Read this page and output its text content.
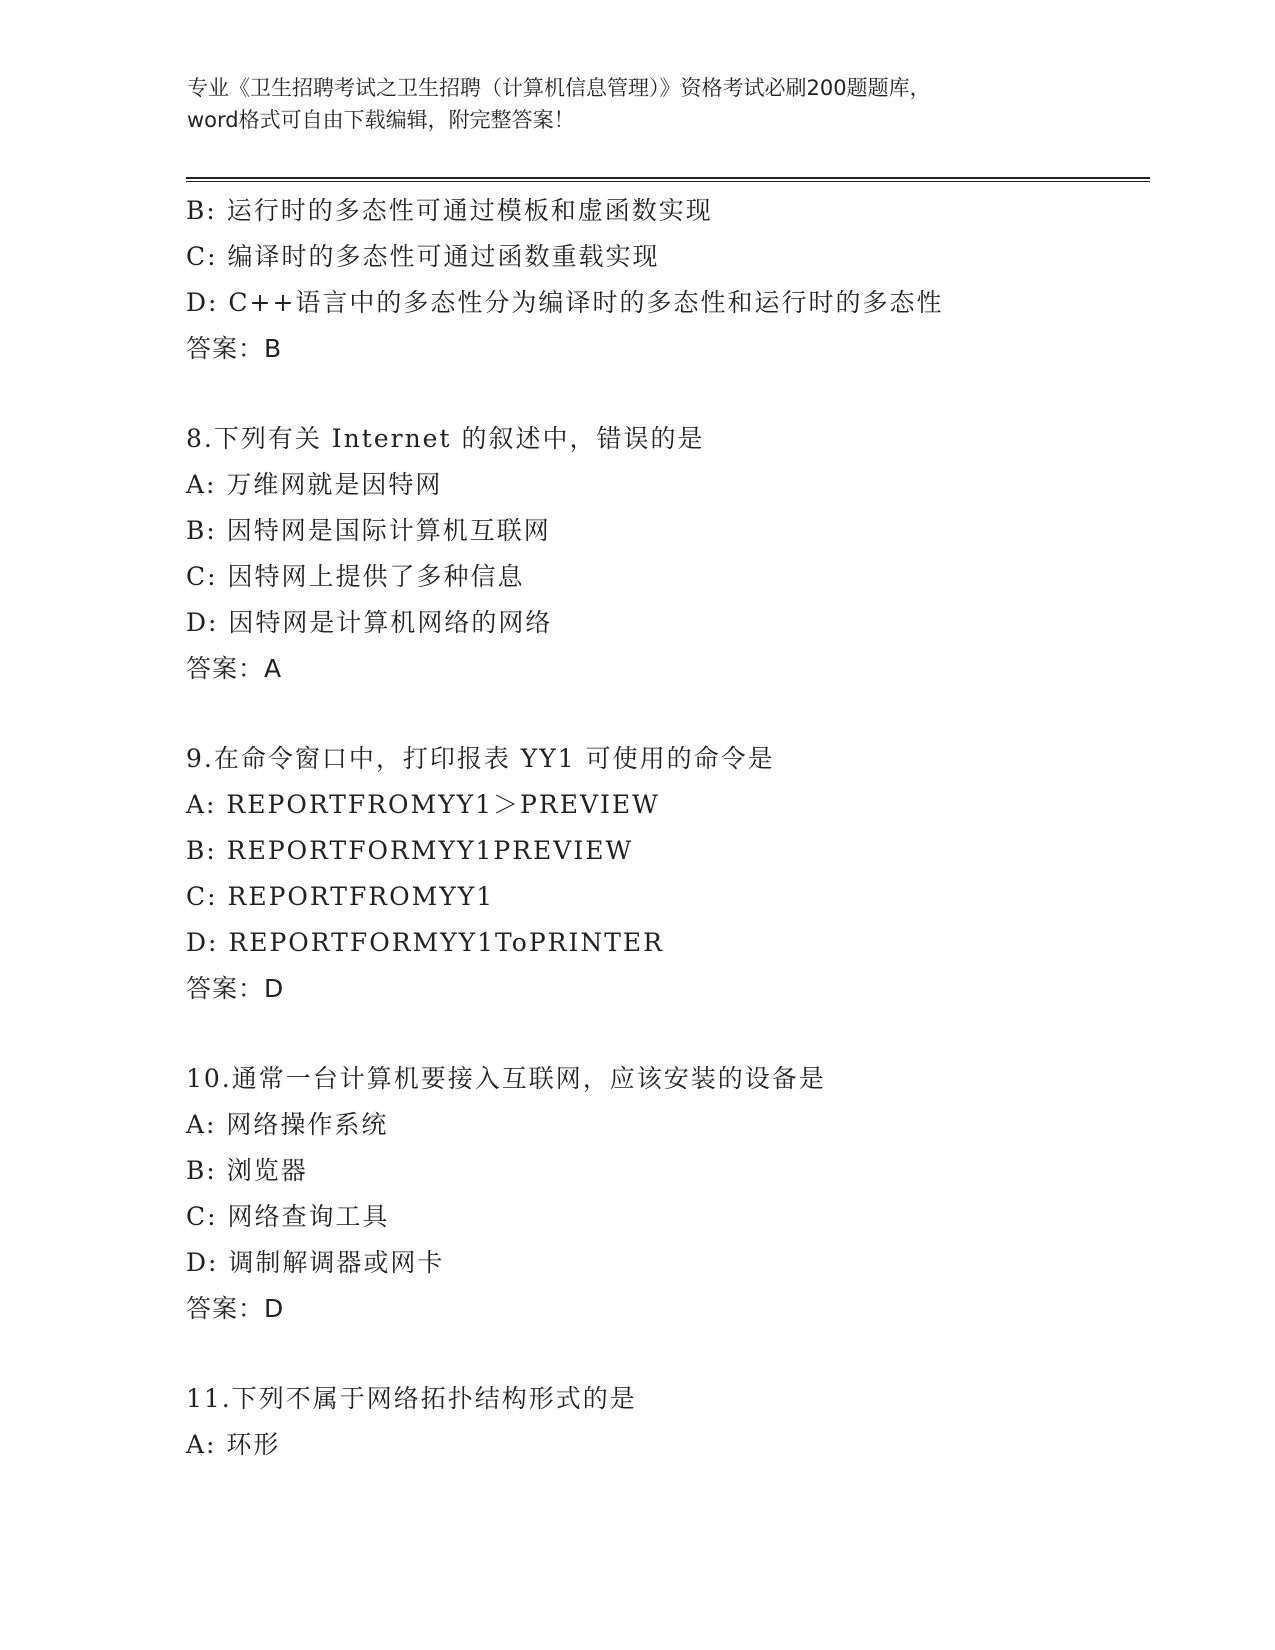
专业《卫生招聘考试之卫生招聘（计算机信息管理）》资格考试必刷200题题库，
word格式可自由下载编辑，附完整答案！
B: 运行时的多态性可通过模板和虚函数实现
C: 编译时的多态性可通过函数重载实现
D: C++语言中的多态性分为编译时的多态性和运行时的多态性
答案：B
8.下列有关 Internet 的叙述中，错误的是
A: 万维网就是因特网
B: 因特网是国际计算机互联网
C: 因特网上提供了多种信息
D: 因特网是计算机网络的网络
答案：A
9.在命令窗口中，打印报表 YY1 可使用的命令是
A: REPORTFROMYY1＞PREVIEW
B: REPORTFORMYY1PREVIEW
C: REPORTFROMYY1
D: REPORTFORMYY1ToPRINTER
答案：D
10.通常一台计算机要接入互联网，应该安装的设备是
A: 网络操作系统
B: 浏览器
C: 网络查询工具
D: 调制解调器或网卡
答案：D
11.下列不属于网络拓扑结构形式的是
A: 环形
